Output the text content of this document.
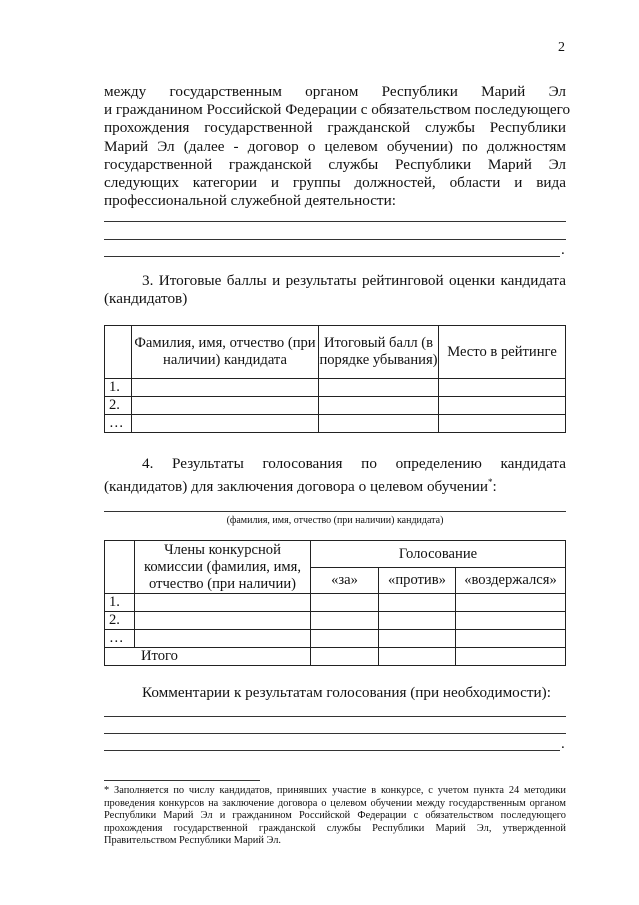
2
между государственным органом Республики Марий Эл
и гражданином Российской Федерации с обязательством последующего
прохождения государственной гражданской службы Республики
Марий Эл (далее - договор о целевом обучении) по должностям
государственной гражданской службы Республики Марий Эл
следующих категории и группы должностей, области и вида
профессиональной служебной деятельности:
.
3. Итоговые баллы и результаты рейтинговой оценки кандидата
(кандидатов)
	Фамилия, имя, отчество (при наличии) кандидата	Итоговый балл (в порядке убывания)	Место в рейтинге
1.			
2.			
…			
4. Результаты голосования по определению кандидата
(кандидатов) для заключения договора о целевом обучении*:
(фамилия, имя, отчество (при наличии) кандидата)
	Члены конкурсной комиссии (фамилия, имя, отчество (при наличии)	Голосование		
		«за»	«против»	«воздержался»
1.				
2.				
…				
Итого				
Комментарии к результатам голосования (при необходимости):
.
* Заполняется по числу кандидатов, принявших участие в конкурсе, с учетом пункта 24 методики проведения конкурсов на заключение договора о целевом обучении между государственным органом Республики Марий Эл и гражданином Российской Федерации с обязательством последующего прохождения государственной гражданской службы Республики Марий Эл, утвержденной Правительством Республики Марий Эл.
